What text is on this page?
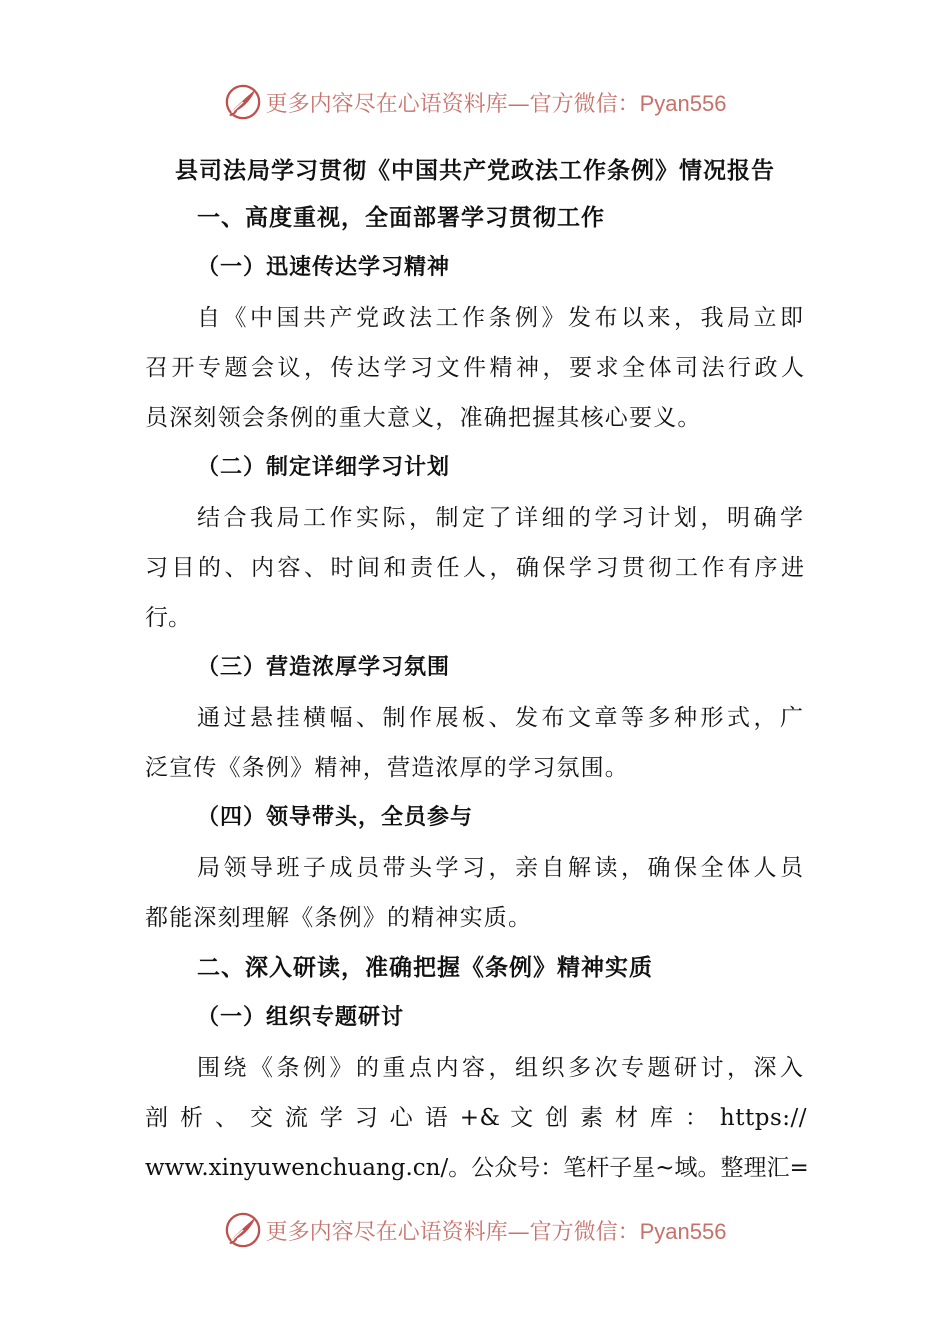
更多内容尽在心语资料库—官方微信：Pyan556
县司法局学习贯彻《中国共产党政法工作条例》情况报告
一、高度重视，全面部署学习贯彻工作
（一）迅速传达学习精神
自《中国共产党政法工作条例》发布以来，我局立即
召开专题会议，传达学习文件精神，要求全体司法行政人
员深刻领会条例的重大意义，准确把握其核心要义。
（二）制定详细学习计划
结合我局工作实际，制定了详细的学习计划，明确学
习目的、内容、时间和责任人，确保学习贯彻工作有序进
行。
（三）营造浓厚学习氛围
通过悬挂横幅、制作展板、发布文章等多种形式，广
泛宣传《条例》精神，营造浓厚的学习氛围。
（四）领导带头，全员参与
局领导班子成员带头学习，亲自解读，确保全体人员
都能深刻理解《条例》的精神实质。
二、深入研读，准确把握《条例》精神实质
（一）组织专题研讨
围绕《条例》的重点内容，组织多次专题研讨，深入
剖 析 、 交 流 学 习 心 语 +& 文 创 素 材 库 ： https://
www.xinyuwenchuang.cn/。公众号：笔杆子星~域。整理汇=
更多内容尽在心语资料库—官方微信：Pyan556
